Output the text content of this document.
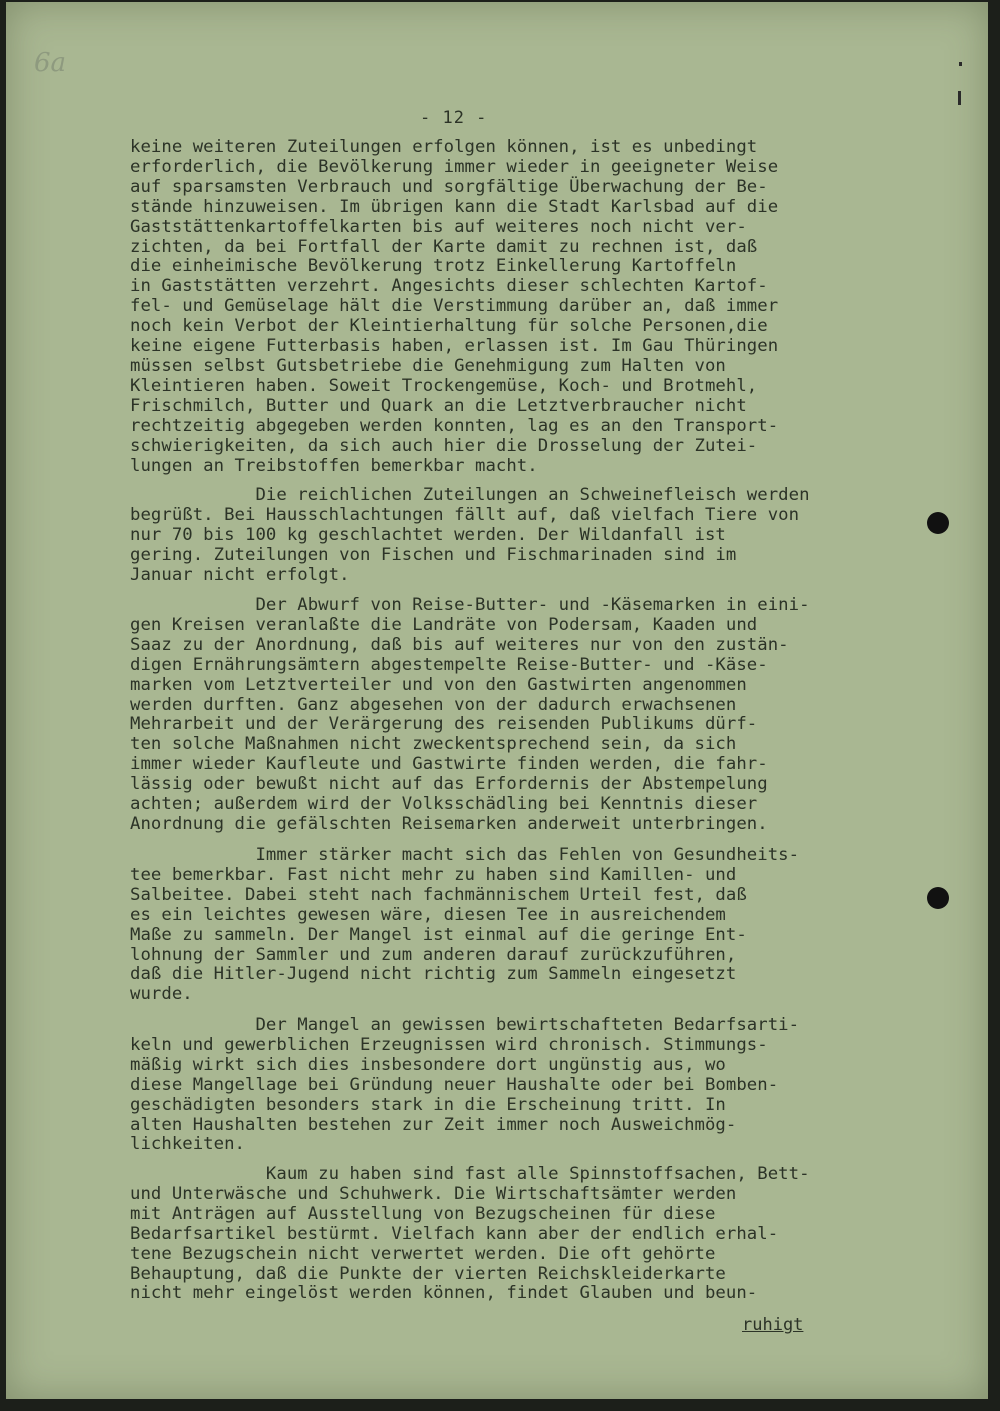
6a
- 12 -

keine weiteren Zuteilungen erfolgen können, ist es unbedingt
erforderlich, die Bevölkerung immer wieder in geeigneter Weise
auf sparsamsten Verbrauch und sorgfältige Überwachung der Be-
stände hinzuweisen. Im übrigen kann die Stadt Karlsbad auf die
Gaststättenkartoffelkarten bis auf weiteres noch nicht ver-
zichten, da bei Fortfall der Karte damit zu rechnen ist, daß
die einheimische Bevölkerung trotz Einkellerung Kartoffeln
in Gaststätten verzehrt. Angesichts dieser schlechten Kartof-
fel- und Gemüselage hält die Verstimmung darüber an, daß immer
noch kein Verbot der Kleintierhaltung für solche Personen,die
keine eigene Futterbasis haben, erlassen ist. Im Gau Thüringen
müssen selbst Gutsbetriebe die Genehmigung zum Halten von
Kleintieren haben. Soweit Trockengemüse, Koch- und Brotmehl,
Frischmilch, Butter und Quark an die Letztverbraucher nicht
rechtzeitig abgegeben werden konnten, lag es an den Transport-
schwierigkeiten, da sich auch hier die Drosselung der Zutei-
lungen an Treibstoffen bemerkbar macht.

Die reichlichen Zuteilungen an Schweinefleisch werden
begrüßt. Bei Hausschlachtungen fällt auf, daß vielfach Tiere von
nur 70 bis 100 kg geschlachtet werden. Der Wildanfall ist
gering. Zuteilungen von Fischen und Fischmarinaden sind im
Januar nicht erfolgt.

Der Abwurf von Reise-Butter- und -Käsemarken in eini-
gen Kreisen veranlaßte die Landräte von Podersam, Kaaden und
Saaz zu der Anordnung, daß bis auf weiteres nur von den zustän-
digen Ernährungsämtern abgestempelte Reise-Butter- und -Käse-
marken vom Letztverteiler und von den Gastwirten angenommen
werden durften. Ganz abgesehen von der dadurch erwachsenen
Mehrarbeit und der Verärgerung des reisenden Publikums dürf-
ten solche Maßnahmen nicht zweckentsprechend sein, da sich
immer wieder Kaufleute und Gastwirte finden werden, die fahr-
lässig oder bewußt nicht auf das Erfordernis der Abstempelung
achten; außerdem wird der Volksschädling bei Kenntnis dieser
Anordnung die gefälschten Reisemarken anderweit unterbringen.

Immer stärker macht sich das Fehlen von Gesundheits-
tee bemerkbar. Fast nicht mehr zu haben sind Kamillen- und
Salbeitee. Dabei steht nach fachmännischem Urteil fest, daß
es ein leichtes gewesen wäre, diesen Tee in ausreichendem
Maße zu sammeln. Der Mangel ist einmal auf die geringe Ent-
lohnung der Sammler und zum anderen darauf zurückzuführen,
daß die Hitler-Jugend nicht richtig zum Sammeln eingesetzt
wurde.

Der Mangel an gewissen bewirtschafteten Bedarfsarti-
keln und gewerblichen Erzeugnissen wird chronisch. Stimmungs-
mäßig wirkt sich dies insbesondere dort ungünstig aus, wo
diese Mangellage bei Gründung neuer Haushalte oder bei Bomben-
geschädigten besonders stark in die Erscheinung tritt. In
alten Haushalten bestehen zur Zeit immer noch Ausweichmög-
lichkeiten.

Kaum zu haben sind fast alle Spinnstoffsachen, Bett-
und Unterwäsche und Schuhwerk. Die Wirtschaftsämter werden
mit Anträgen auf Ausstellung von Bezugscheinen für diese
Bedarfsartikel bestürmt. Vielfach kann aber der endlich erhal-
tene Bezugschein nicht verwertet werden. Die oft gehörte
Behauptung, daß die Punkte der vierten Reichskleiderkarte
nicht mehr eingelöst werden können, findet Glauben und beun-

ruhigt
